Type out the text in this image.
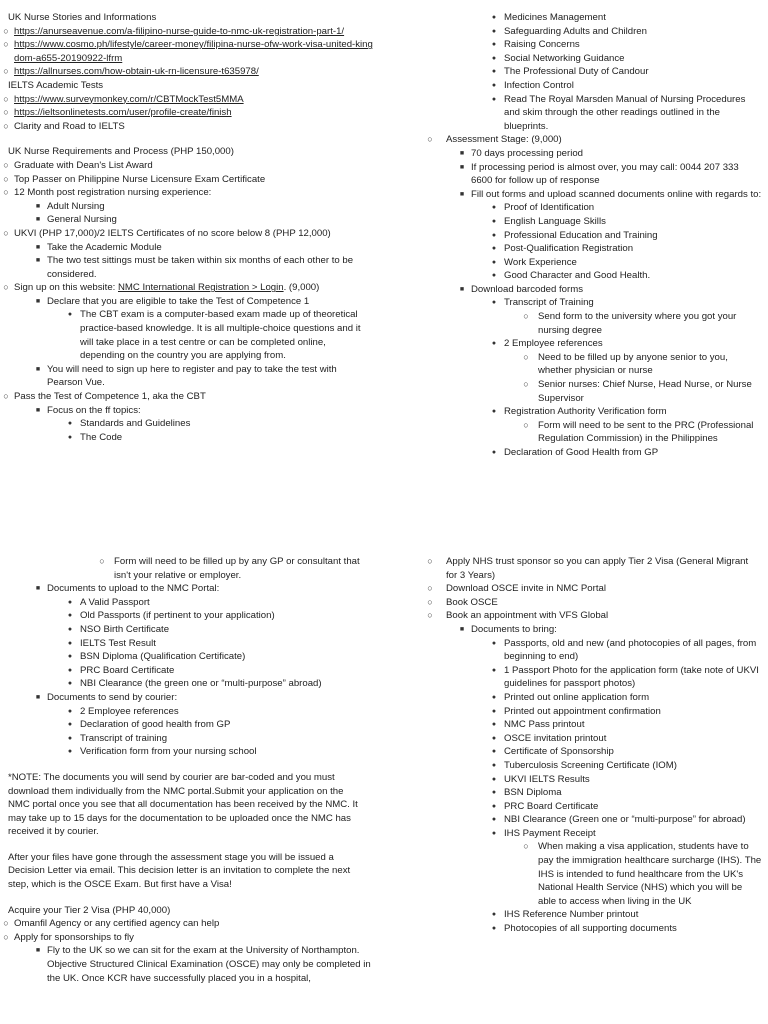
UK Nurse Stories and Informations
○ https://anurseavenue.com/a-filipino-nurse-guide-to-nmc-uk-registration-part-1/
○ https://www.cosmo.ph/lifestyle/career-money/filipina-nurse-ofw-work-visa-united-kingdom-a655-20190922-lfrm
○ https://allnurses.com/how-obtain-uk-rn-licensure-t635978/
IELTS Academic Tests
○ https://www.surveymonkey.com/r/CBTMockTest5MMA
○ https://ieltsonlinetests.com/user/profile-create/finish
○ Clarity and Road to IELTS
UK Nurse Requirements and Process (PHP 150,000)
○ Graduate with Dean's List Award
○ Top Passer on Philippine Nurse Licensure Exam Certificate
○ 12 Month post registration nursing experience:
■ Adult Nursing
■ General Nursing
○ UKVI (PHP 17,000)/2 IELTS Certificates of no score below 8 (PHP 12,000)
■ Take the Academic Module
■ The two test sittings must be taken within six months of each other to be considered.
○ Sign up on this website: NMC International Registration > Login. (9,000)
■ Declare that you are eligible to take the Test of Competence 1
● The CBT exam is a computer-based exam made up of theoretical practice-based knowledge. It is all multiple-choice questions and it will take place in a test centre or can be completed online, depending on the country you are applying from.
■ You will need to sign up here to register and pay to take the test with Pearson Vue.
○ Pass the Test of Competence 1, aka the CBT
■ Focus on the ff topics:
● Standards and Guidelines
● The Code
● Medicines Management
● Safeguarding Adults and Children
● Raising Concerns
● Social Networking Guidance
● The Professional Duty of Candour
● Infection Control
● Read The Royal Marsden Manual of Nursing Procedures and skim through the other readings outlined in the blueprints.
○	Assessment Stage: (9,000)
■ 70 days processing period
■ If processing period is almost over, you may call: 0044 207 333 6600 for follow up of response
■ Fill out forms and upload scanned documents online with regards to:
● Proof of Identification
● English Language Skills
● Professional Education and Training
● Post-Qualification Registration
● Work Experience
● Good Character and Good Health.
■ Download barcoded forms
● Transcript of Training
○ Send form to the university where you got your nursing degree
● 2 Employee references
○ Need to be filled up by anyone senior to you, whether physician or nurse
○ Senior nurses: Chief Nurse, Head Nurse, or Nurse Supervisor
● Registration Authority Verification form
○ Form will need to be sent to the PRC (Professional Regulation Commission) in the Philippines
● Declaration of Good Health from GP
○ Form will need to be filled up by any GP or consultant that isn't your relative or employer.
■ Documents to upload to the NMC Portal:
● A Valid Passport
● Old Passports (if pertinent to your application)
● NSO Birth Certificate
● IELTS Test Result
● BSN Diploma (Qualification Certificate)
● PRC Board Certificate
● NBI Clearance (the green one or “multi-purpose” abroad)
■ Documents to send by courier:
● 2 Employee references
● Declaration of good health from GP
● Transcript of training
● Verification form from your nursing school
*NOTE: The documents you will send by courier are bar-coded and you must download them individually from the NMC portal.Submit your application on the NMC portal once you see that all documentation has been received by the NMC. It may take up to 15 days for the documentation to be uploaded once the NMC has received it by courier.
After your files have gone through the assessment stage you will be issued a Decision Letter via email. This decision letter is an invitation to complete the next step, which is the OSCE Exam. But first have a Visa!
Acquire your Tier 2 Visa (PHP 40,000)
○ Omanfil Agency or any certified agency can help
○ Apply for sponsorships to fly
■ Fly to the UK so we can sit for the exam at the University of Northampton. Objective Structured Clinical Examination (OSCE) may only be completed in the UK. Once KCR have successfully placed you in a hospital,
○	Apply NHS trust sponsor so you can apply Tier 2 Visa (General Migrant for 3 Years)
○	Download OSCE invite in NMC Portal
○	Book OSCE
○	Book an appointment with VFS Global
■ Documents to bring:
● Passports, old and new (and photocopies of all pages, from beginning to end)
● 1 Passport Photo for the application form (take note of UKVI guidelines for passport photos)
● Printed out online application form
● Printed out appointment confirmation
● NMC Pass printout
● OSCE invitation printout
● Certificate of Sponsorship
● Tuberculosis Screening Certificate (IOM)
● UKVI IELTS Results
● BSN Diploma
● PRC Board Certificate
● NBI Clearance (Green one or “multi-purpose” for abroad)
● IHS Payment Receipt
○ When making a visa application, students have to pay the immigration healthcare surcharge (IHS). The IHS is intended to fund healthcare from the UK's National Health Service (NHS) which you will be able to access when living in the UK
● IHS Reference Number printout
● Photocopies of all supporting documents
